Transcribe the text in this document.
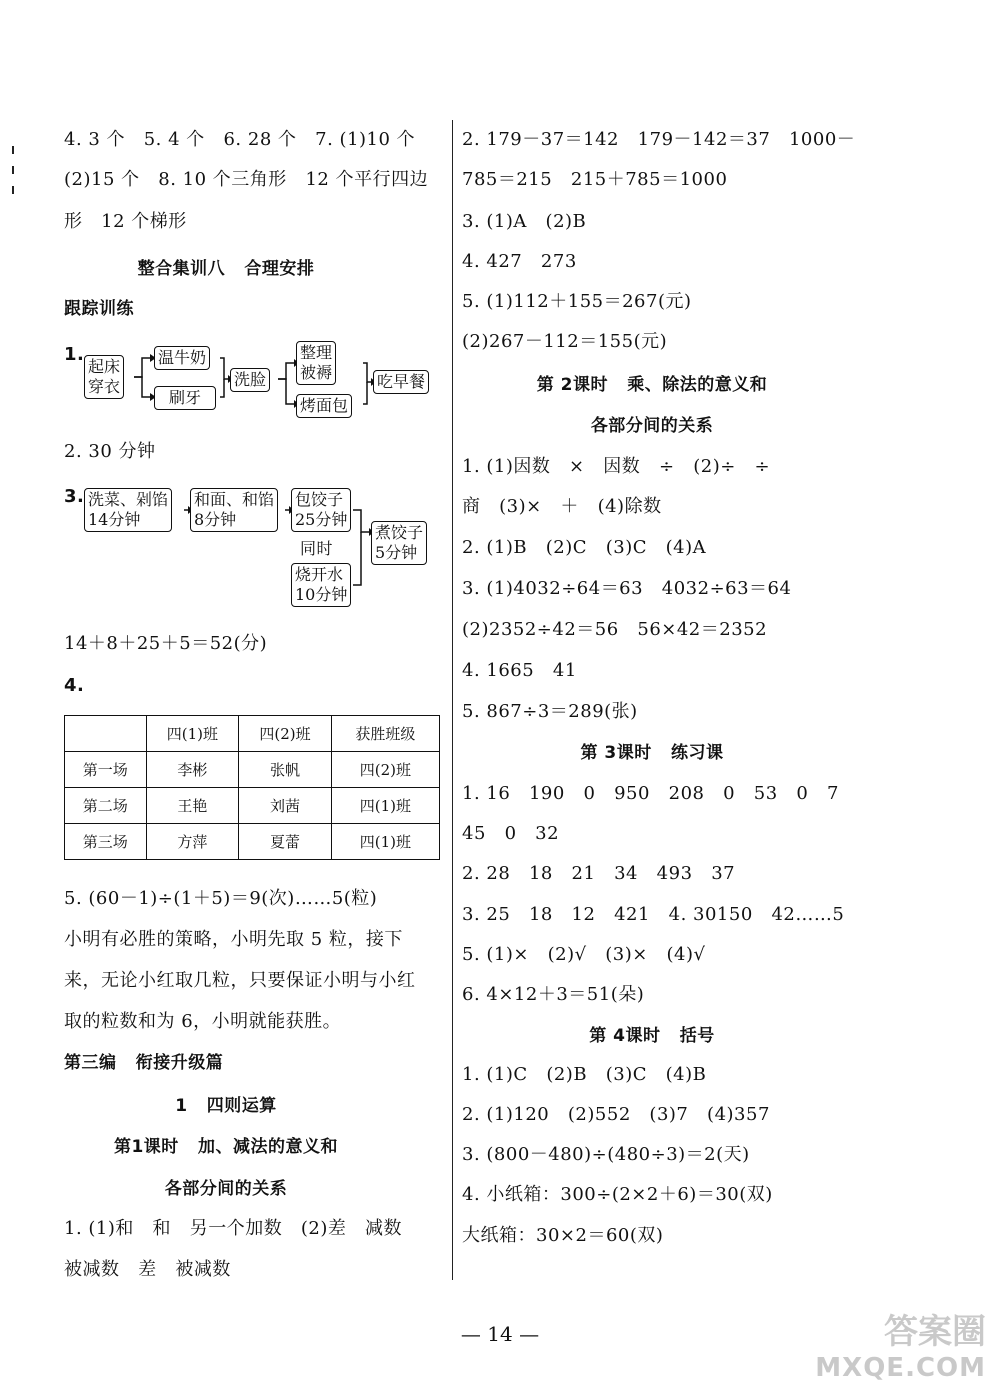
4. 3 个   5. 4 个   6. 28 个   7. (1)10 个
(2)15 个   8. 10 个三角形   12 个平行四边
形   12 个梯形
整合集训八   合理安排
跟踪训练
1.
起床
穿衣
温牛奶
刷牙
洗脸
整理
被褥
烤面包
吃早餐
2. 30 分钟
3. 洗菜、剁馅
14分钟
和面、和馅
8分钟
包饺子
25分钟
同时
烧开水
10分钟
煮饺子
5分钟
14＋8＋25＋5＝52(分)
4.
	四(1)班	四(2)班	获胜班级
第一场	李彬	张帆	四(2)班
第二场	王艳	刘茜	四(1)班
第三场	方萍	夏蕾	四(1)班
5. (60－1)÷(1＋5)＝9(次)……5(粒)
小明有必胜的策略，小明先取 5 粒，接下
来，无论小红取几粒，只要保证小明与小红
取的粒数和为 6，小明就能获胜。
第三编   衔接升级篇
1   四则运算
第1课时   加、减法的意义和
各部分间的关系
1. (1)和   和   另一个加数   (2)差   减数
被减数   差   被减数
2. 179－37＝142   179－142＝37   1000－
785＝215   215＋785＝1000
3. (1)A   (2)B
4. 427   273
5. (1)112＋155＝267(元)
(2)267－112＝155(元)
第 2课时   乘、除法的意义和
各部分间的关系
1. (1)因数   ×   因数   ÷   (2)÷   ÷
商   (3)×   ＋   (4)除数
2. (1)B   (2)C   (3)C   (4)A
3. (1)4032÷64＝63   4032÷63＝64
(2)2352÷42＝56   56×42＝2352
4. 1665   41
5. 867÷3＝289(张)
第 3课时   练习课
1. 16   190   0   950   208   0   53   0   7
45   0   32
2. 28   18   21   34   493   37
3. 25   18   12   421   4. 30150   42……5
5. (1)×   (2)√   (3)×   (4)√
6. 4×12＋3＝51(朵)
第 4课时   括号
1. (1)C   (2)B   (3)C   (4)B
2. (1)120   (2)552   (3)7   (4)357
3. (800－480)÷(480÷3)＝2(天)
4. 小纸箱：300÷(2×2＋6)＝30(双)
大纸箱：30×2＝60(双)
— 14 —	答案圈
MXQE.COM
